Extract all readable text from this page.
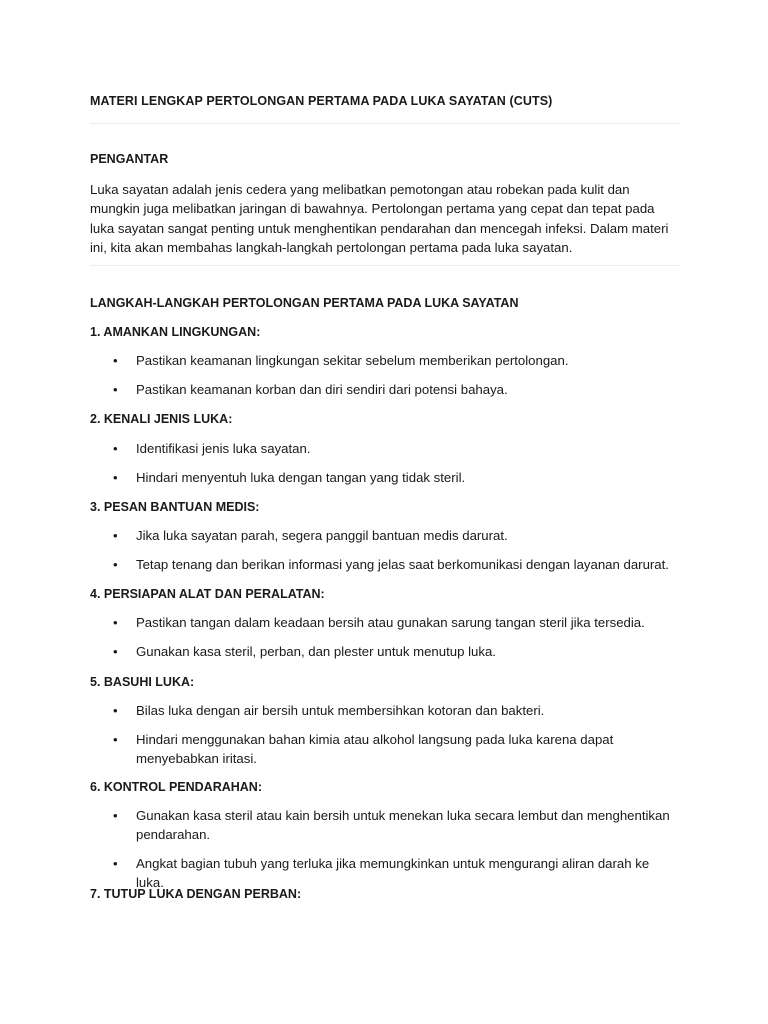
MATERI LENGKAP PERTOLONGAN PERTAMA PADA LUKA SAYATAN (CUTS)
PENGANTAR

Luka sayatan adalah jenis cedera yang melibatkan pemotongan atau robekan pada kulit dan mungkin juga melibatkan jaringan di bawahnya. Pertolongan pertama yang cepat dan tepat pada luka sayatan sangat penting untuk menghentikan pendarahan dan mencegah infeksi. Dalam materi ini, kita akan membahas langkah-langkah pertolongan pertama pada luka sayatan.

LANGKAH-LANGKAH PERTOLONGAN PERTAMA PADA LUKA SAYATAN
1. AMANKAN LINGKUNGAN:
• Pastikan keamanan lingkungan sekitar sebelum memberikan pertolongan.
• Pastikan keamanan korban dan diri sendiri dari potensi bahaya.
2. KENALI JENIS LUKA:
• Identifikasi jenis luka sayatan.
• Hindari menyentuh luka dengan tangan yang tidak steril.
3. PESAN BANTUAN MEDIS:
• Jika luka sayatan parah, segera panggil bantuan medis darurat.
• Tetap tenang dan berikan informasi yang jelas saat berkomunikasi dengan layanan darurat.
4. PERSIAPAN ALAT DAN PERALATAN:
• Pastikan tangan dalam keadaan bersih atau gunakan sarung tangan steril jika tersedia.
• Gunakan kasa steril, perban, dan plester untuk menutup luka.
5. BASUHI LUKA:
• Bilas luka dengan air bersih untuk membersihkan kotoran dan bakteri.
• Hindari menggunakan bahan kimia atau alkohol langsung pada luka karena dapat menyebabkan iritasi.
6. KONTROL PENDARAHAN:
• Gunakan kasa steril atau kain bersih untuk menekan luka secara lembut dan menghentikan pendarahan.
• Angkat bagian tubuh yang terluka jika memungkinkan untuk mengurangi aliran darah ke luka.
7. TUTUP LUKA DENGAN PERBAN:
